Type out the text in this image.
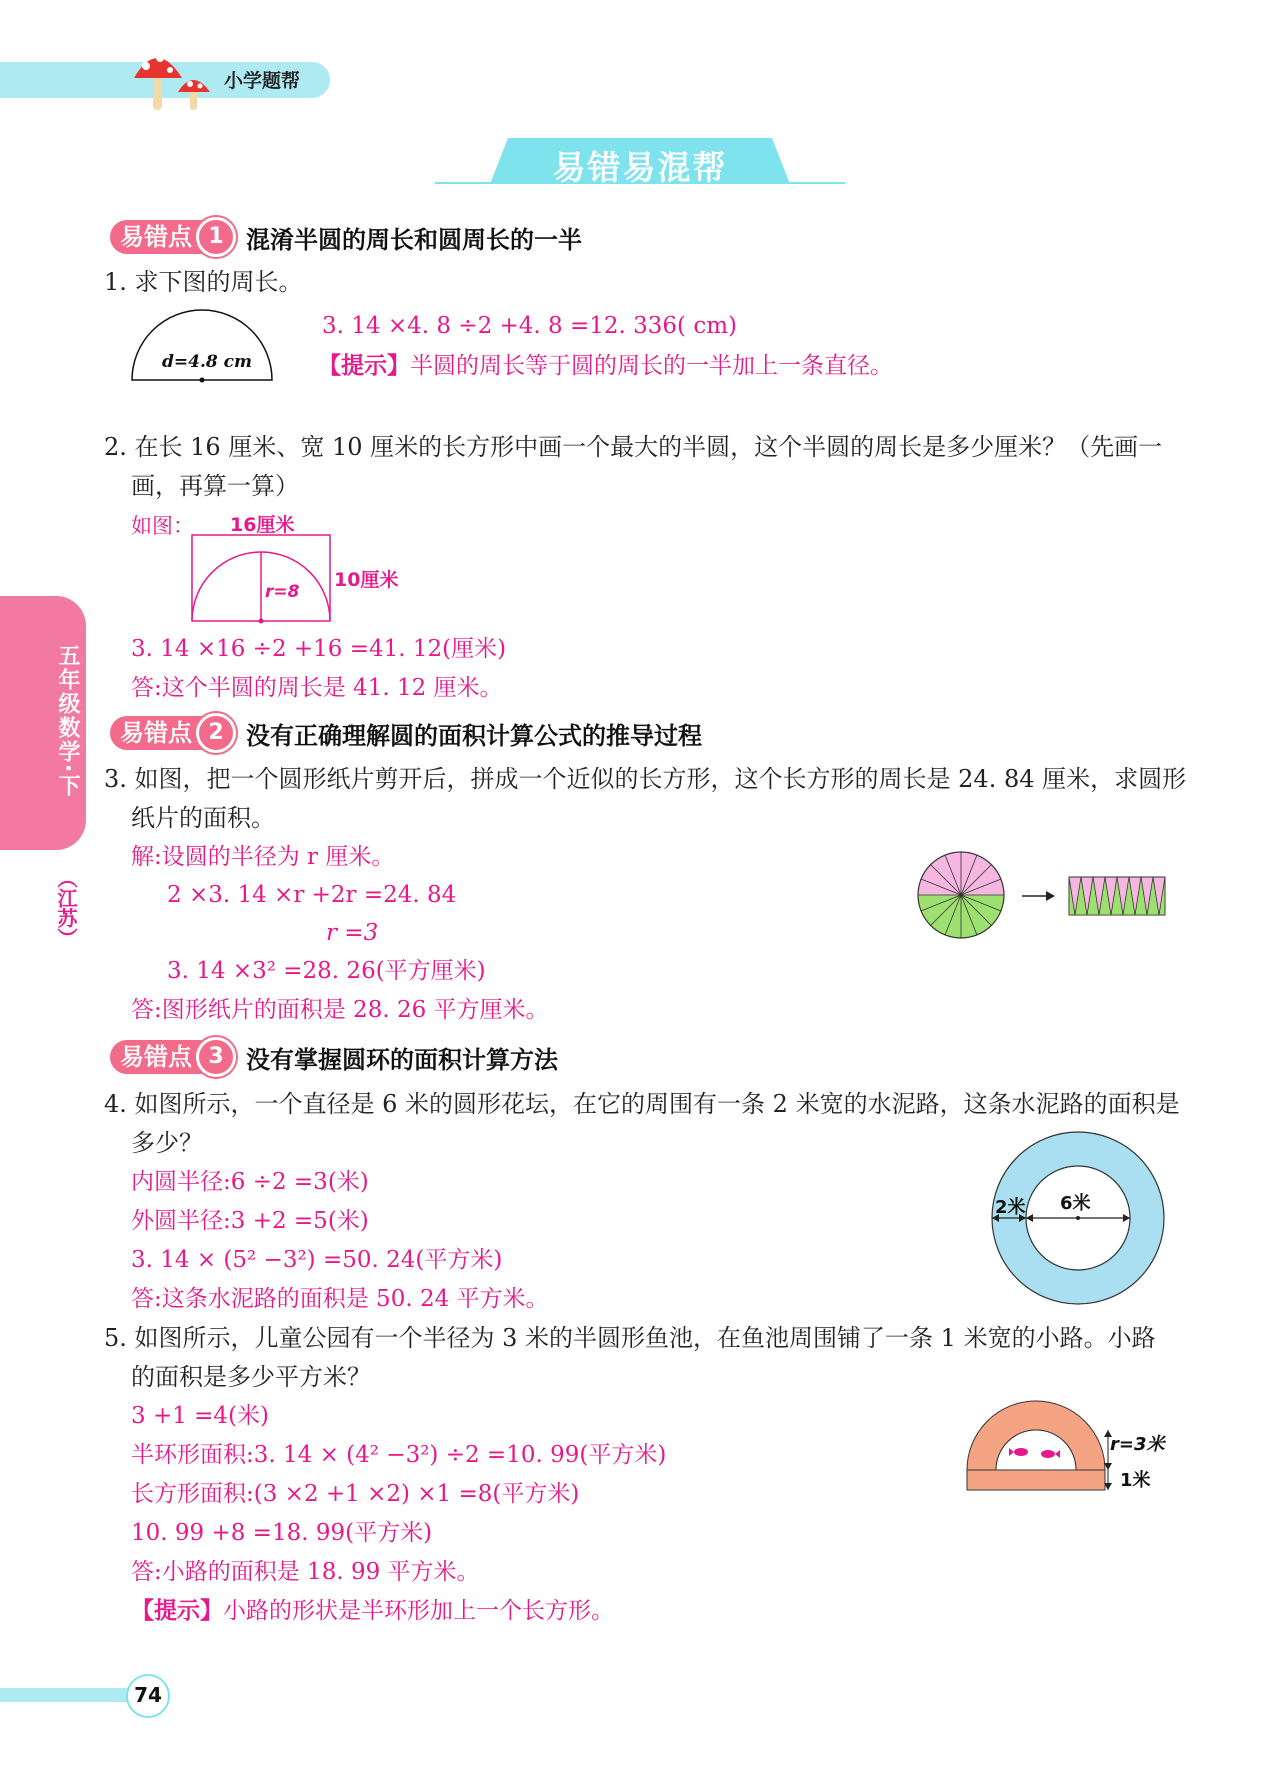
小学题帮
易错易混帮
五年级数学·下
（江苏）
易错点 1 混淆半圆的周长和圆周长的一半
1. 求下图的周长。
d=4.8 cm
3. 14 ×4. 8 ÷2 +4. 8 =12. 336( cm)
【提示】半圆的周长等于圆的周长的一半加上一条直径。
2. 在长 16 厘米、宽 10 厘米的长方形中画一个最大的半圆，这个半圆的周长是多少厘米？（先画一
画，再算一算）
如图： 16厘米
r=8
10厘米
3. 14 ×16 ÷2 +16 =41. 12(厘米)
答:这个半圆的周长是 41. 12 厘米。
易错点 2 没有正确理解圆的面积计算公式的推导过程
3. 如图，把一个圆形纸片剪开后，拼成一个近似的长方形，这个长方形的周长是 24. 84 厘米，求圆形
纸片的面积。
解:设圆的半径为 r 厘米。
2 ×3. 14 ×r +2r =24. 84
r =3
3. 14 ×3² =28. 26(平方厘米)
答:图形纸片的面积是 28. 26 平方厘米。
易错点 3 没有掌握圆环的面积计算方法
4. 如图所示，一个直径是 6 米的圆形花坛，在它的周围有一条 2 米宽的水泥路，这条水泥路的面积是
多少？
内圆半径:6 ÷2 =3(米)
外圆半径:3 +2 =5(米)
3. 14 × (5² −3²) =50. 24(平方米)
答:这条水泥路的面积是 50. 24 平方米。
2米 6米
5. 如图所示，儿童公园有一个半径为 3 米的半圆形鱼池，在鱼池周围铺了一条 1 米宽的小路。小路
的面积是多少平方米？
3 +1 =4(米)
半环形面积:3. 14 × (4² −3²) ÷2 =10. 99(平方米)
长方形面积:(3 ×2 +1 ×2) ×1 =8(平方米)
10. 99 +8 =18. 99(平方米)
答:小路的面积是 18. 99 平方米。
【提示】小路的形状是半环形加上一个长方形。
r=3米
1米
74
